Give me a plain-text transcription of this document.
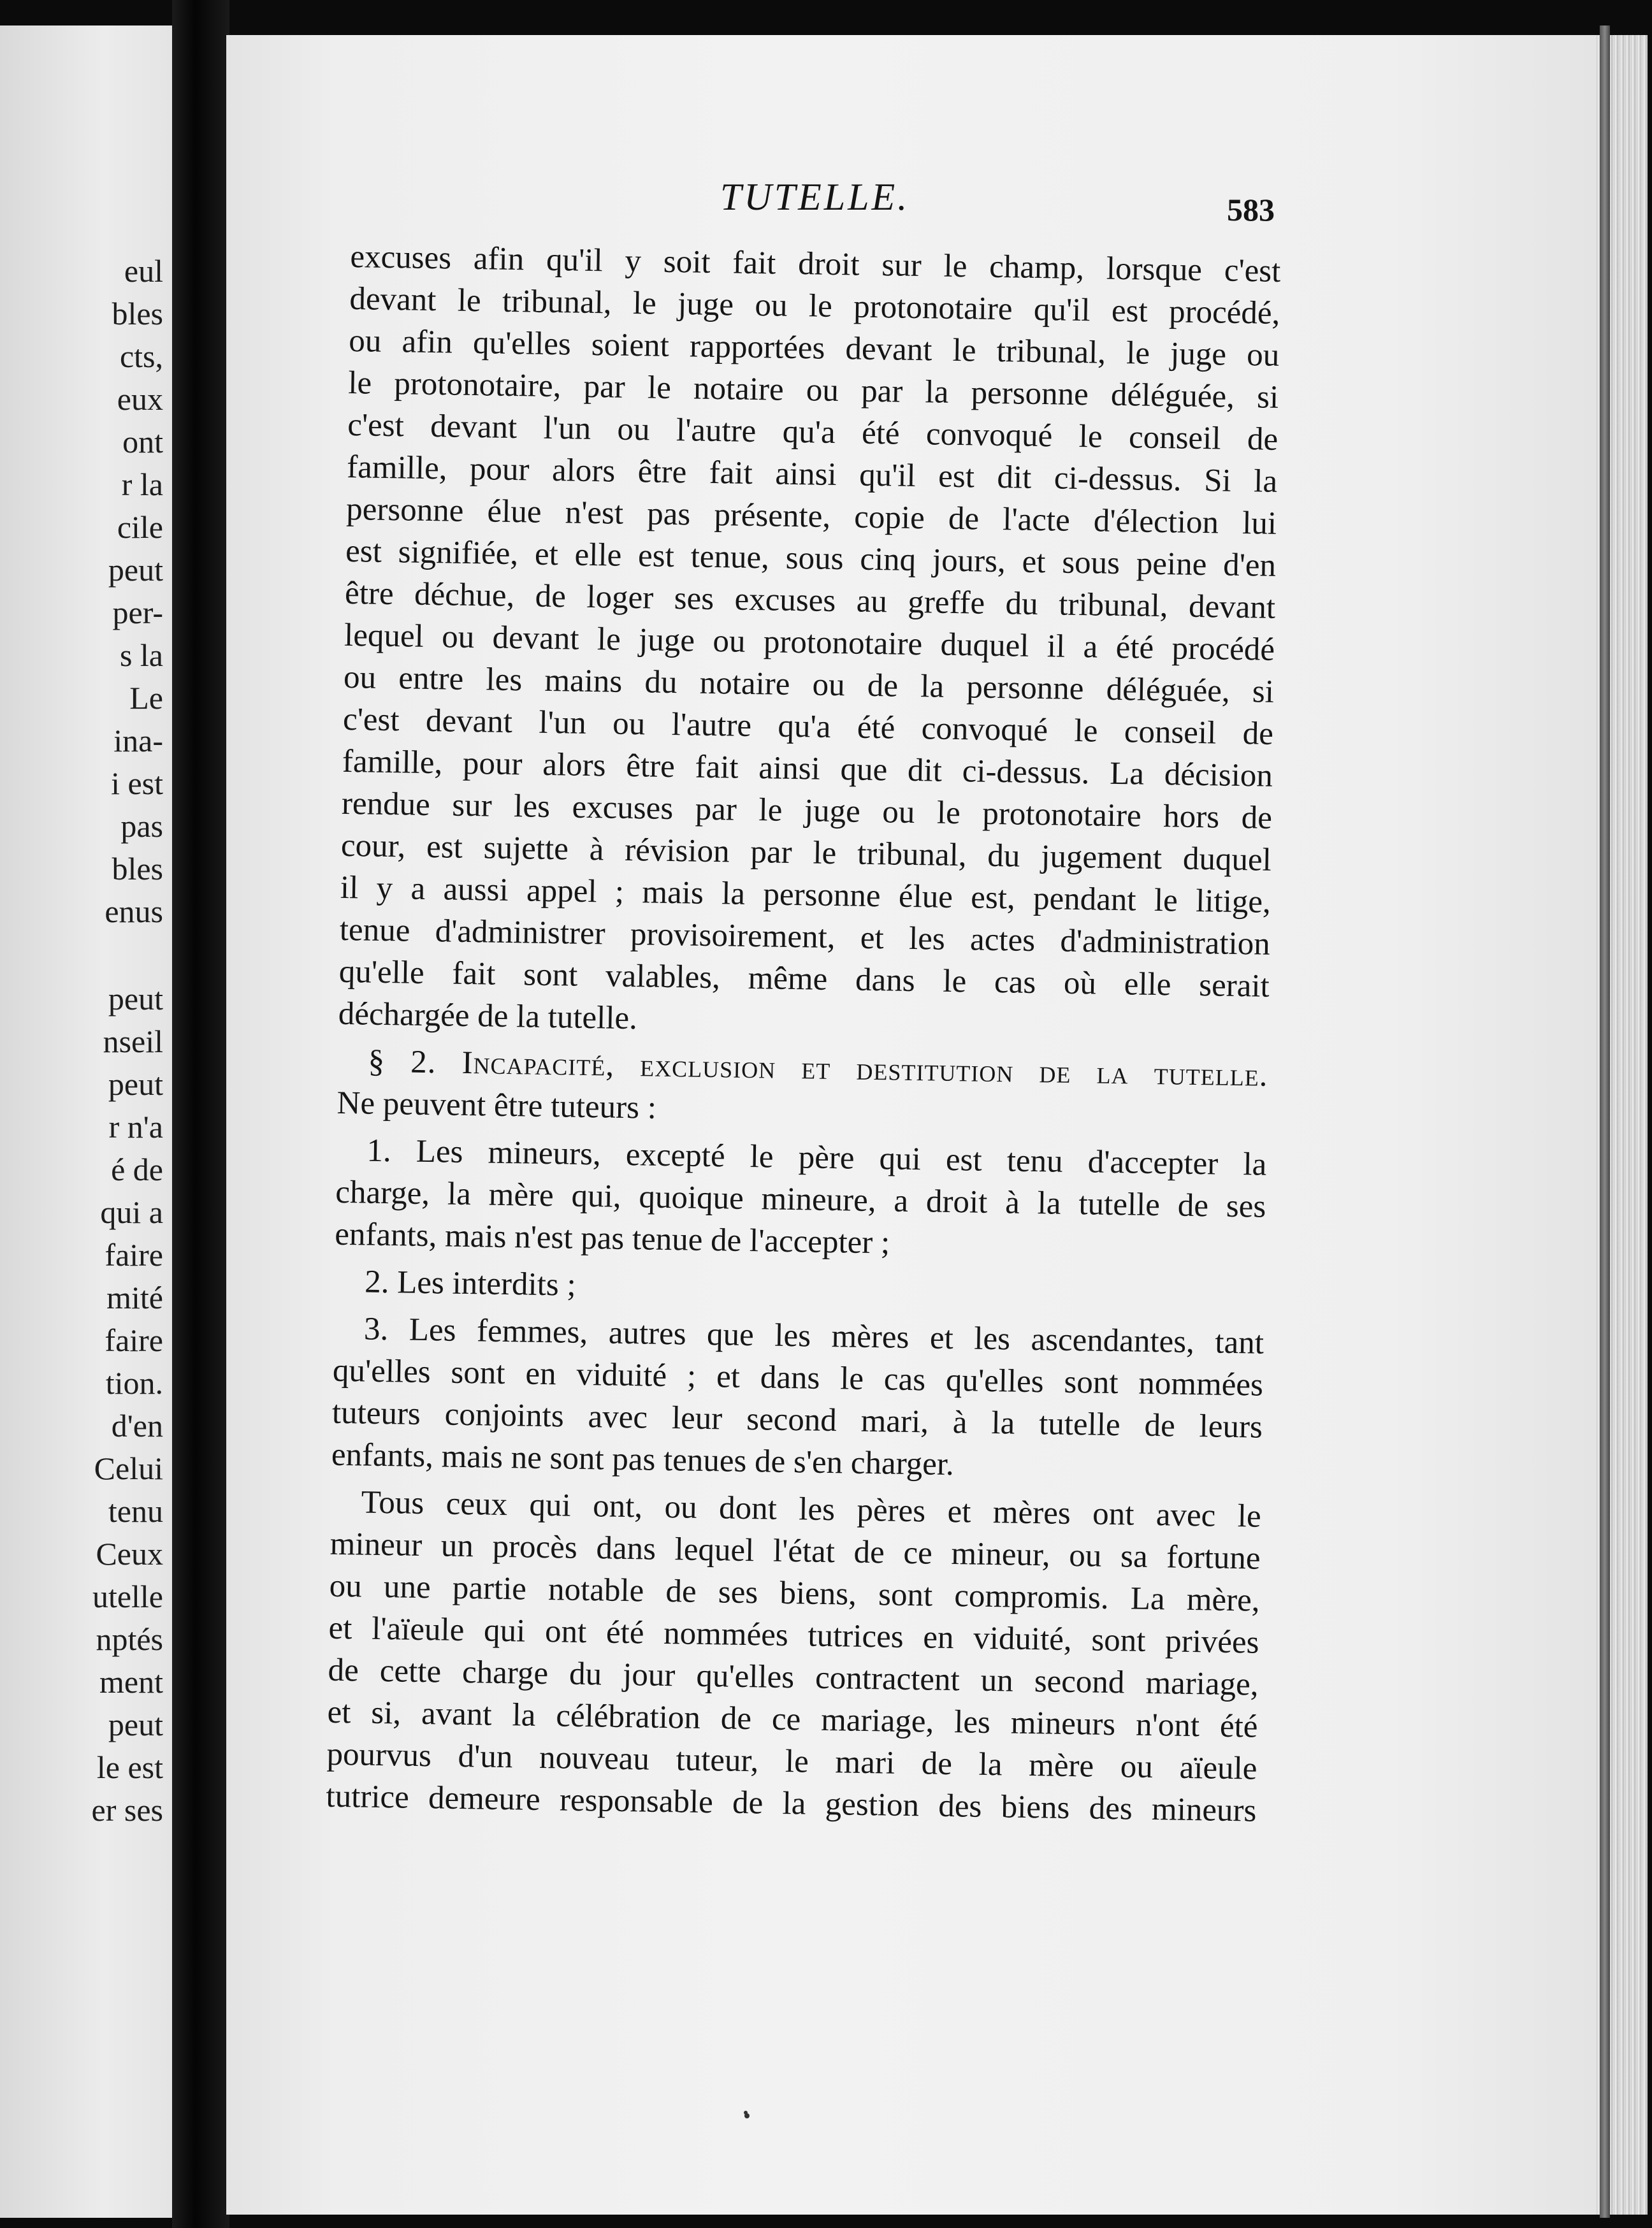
eul
bles
cts,
eux
ont
r la
cile
peut
per-
s la
Le
ina-
i est
pas
bles
enus
peut
nseil
peut
r n'a
é de
qui a
faire
mité
faire
tion.
d'en
Celui
tenu
Ceux
utelle
nptés
ment
peut
le est
er ses
TUTELLE.	583
excuses afin qu'il y soit fait droit sur le champ, lorsque c'est
devant le tribunal, le juge ou le protonotaire qu'il est procédé,
ou afin qu'elles soient rapportées devant le tribunal, le juge ou
le protonotaire, par le notaire ou par la personne déléguée, si
c'est devant l'un ou l'autre qu'a été convoqué le conseil de
famille, pour alors être fait ainsi qu'il est dit ci-dessus. Si la
personne élue n'est pas présente, copie de l'acte d'élection lui
est signifiée, et elle est tenue, sous cinq jours, et sous peine d'en
être déchue, de loger ses excuses au greffe du tribunal, devant
lequel ou devant le juge ou protonotaire duquel il a été procédé
ou entre les mains du notaire ou de la personne déléguée, si
c'est devant l'un ou l'autre qu'a été convoqué le conseil de
famille, pour alors être fait ainsi que dit ci-dessus. La décision
rendue sur les excuses par le juge ou le protonotaire hors de
cour, est sujette à révision par le tribunal, du jugement duquel
il y a aussi appel ; mais la personne élue est, pendant le litige,
tenue d'administrer provisoirement, et les actes d'administration
qu'elle fait sont valables, même dans le cas où elle serait
déchargée de la tutelle.
§ 2. Incapacité, exclusion et destitution de la tutelle.
Ne peuvent être tuteurs :
1. Les mineurs, excepté le père qui est tenu d'accepter la
charge, la mère qui, quoique mineure, a droit à la tutelle de ses
enfants, mais n'est pas tenue de l'accepter ;
2. Les interdits ;
3. Les femmes, autres que les mères et les ascendantes, tant
qu'elles sont en viduité ; et dans le cas qu'elles sont nommées
tuteurs conjoints avec leur second mari, à la tutelle de leurs
enfants, mais ne sont pas tenues de s'en charger.
Tous ceux qui ont, ou dont les pères et mères ont avec le
mineur un procès dans lequel l'état de ce mineur, ou sa fortune
ou une partie notable de ses biens, sont compromis. La mère,
et l'aïeule qui ont été nommées tutrices en viduité, sont privées
de cette charge du jour qu'elles contractent un second mariage,
et si, avant la célébration de ce mariage, les mineurs n'ont été
pourvus d'un nouveau tuteur, le mari de la mère ou aïeule
tutrice demeure responsable de la gestion des biens des mineurs
